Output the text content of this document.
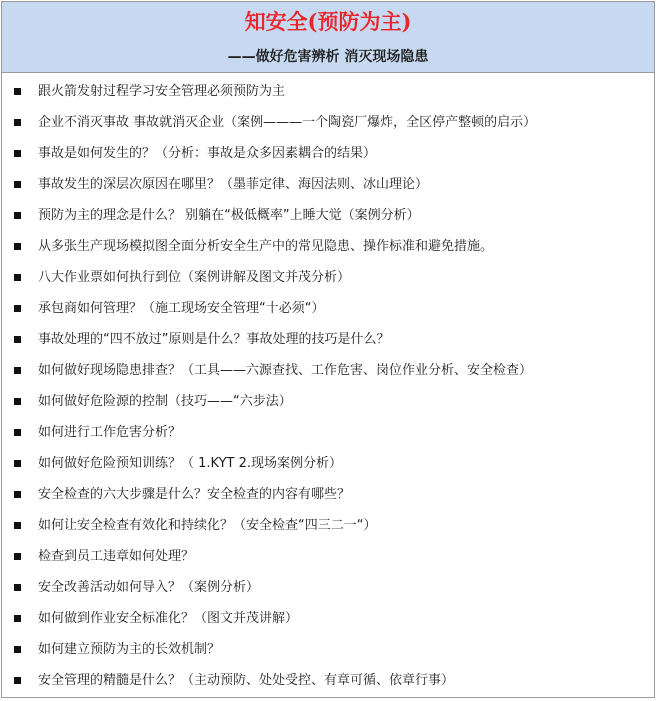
知安全(预防为主)

——做好危害辨析 消灭现场隐患

跟火箭发射过程学习安全管理必须预防为主
企业不消灭事故 事故就消灭企业（案例———一个陶瓷厂爆炸，全区停产整顿的启示）
事故是如何发生的？（分析：事故是众多因素耦合的结果）
事故发生的深层次原因在哪里？（墨菲定律、海因法则、冰山理论）
预防为主的理念是什么？ 别躺在“极低概率”上睡大觉（案例分析）
从多张生产现场模拟图全面分析安全生产中的常见隐患、操作标准和避免措施。
八大作业票如何执行到位（案例讲解及图文并茂分析）
承包商如何管理？（施工现场安全管理“十必须“）
事故处理的“四不放过”原则是什么？事故处理的技巧是什么？
如何做好现场隐患排查？（工具——六源查找、工作危害、岗位作业分析、安全检查）
如何做好危险源的控制（技巧——“六步法）
如何进行工作危害分析？
如何做好危险预知训练？（ 1.KYT 2.现场案例分析）
安全检查的六大步骤是什么？安全检查的内容有哪些？
如何让安全检查有效化和持续化？（安全检查“四三二一“）
检查到员工违章如何处理？
安全改善活动如何导入？（案例分析）
如何做到作业安全标准化？（图文并茂讲解）
如何建立预防为主的长效机制？
安全管理的精髓是什么？（主动预防、处处受控、有章可循、依章行事）
